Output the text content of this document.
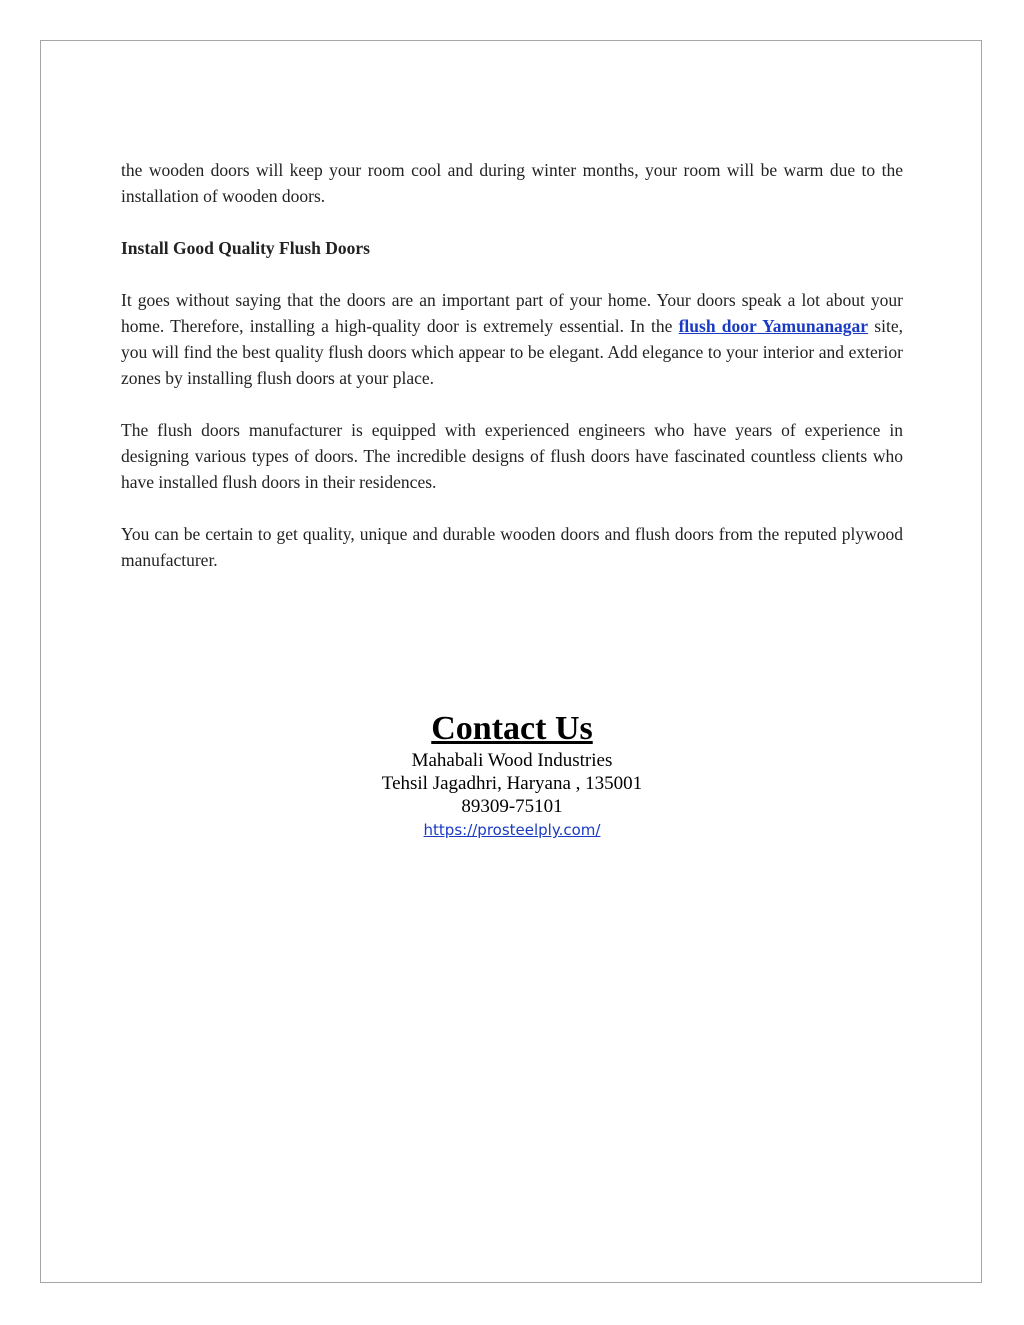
the wooden doors will keep your room cool and during winter months, your room will be warm due to the installation of wooden doors.

Install Good Quality Flush Doors

It goes without saying that the doors are an important part of your home. Your doors speak a lot about your home. Therefore, installing a high-quality door is extremely essential. In the flush door Yamunanagar site, you will find the best quality flush doors which appear to be elegant. Add elegance to your interior and exterior zones by installing flush doors at your place.

The flush doors manufacturer is equipped with experienced engineers who have years of experience in designing various types of doors. The incredible designs of flush doors have fascinated countless clients who have installed flush doors in their residences.

You can be certain to get quality, unique and durable wooden doors and flush doors from the reputed plywood manufacturer.

Contact Us
Mahabali Wood Industries
Tehsil Jagadhri, Haryana , 135001
89309-75101
https://prosteelply.com/
